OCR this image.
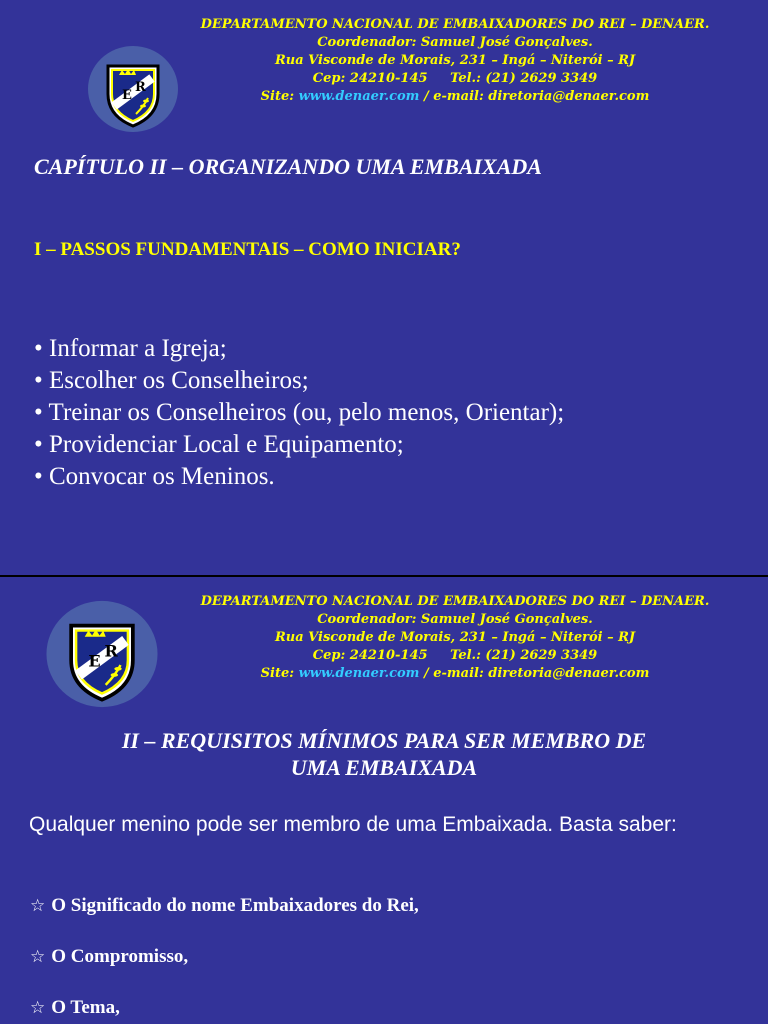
E
R
DEPARTAMENTO NACIONAL DE EMBAIXADORES DO REI – DENAER.
Coordenador: Samuel José Gonçalves.
Rua Visconde de Morais, 231 – Ingá – Niterói – RJ
Cep: 24210-145     Tel.: (21) 2629 3349
Site: www.denaer.com / e-mail: diretoria@denaer.com
CAPÍTULO II – ORGANIZANDO UMA EMBAIXADA
I – PASSOS FUNDAMENTAIS – COMO INICIAR?
• Informar a Igreja;
• Escolher os Conselheiros;
• Treinar os Conselheiros (ou, pelo menos, Orientar);
• Providenciar Local e Equipamento;
• Convocar os Meninos.
E
R
DEPARTAMENTO NACIONAL DE EMBAIXADORES DO REI – DENAER.
Coordenador: Samuel José Gonçalves.
Rua Visconde de Morais, 231 – Ingá – Niterói – RJ
Cep: 24210-145     Tel.: (21) 2629 3349
Site: www.denaer.com / e-mail: diretoria@denaer.com
II – REQUISITOS MÍNIMOS PARA SER MEMBRO DE
UMA EMBAIXADA
Qualquer menino pode ser membro de uma Embaixada. Basta saber:
☆ O Significado do nome Embaixadores do Rei,
☆ O Compromisso,
☆ O Tema,
